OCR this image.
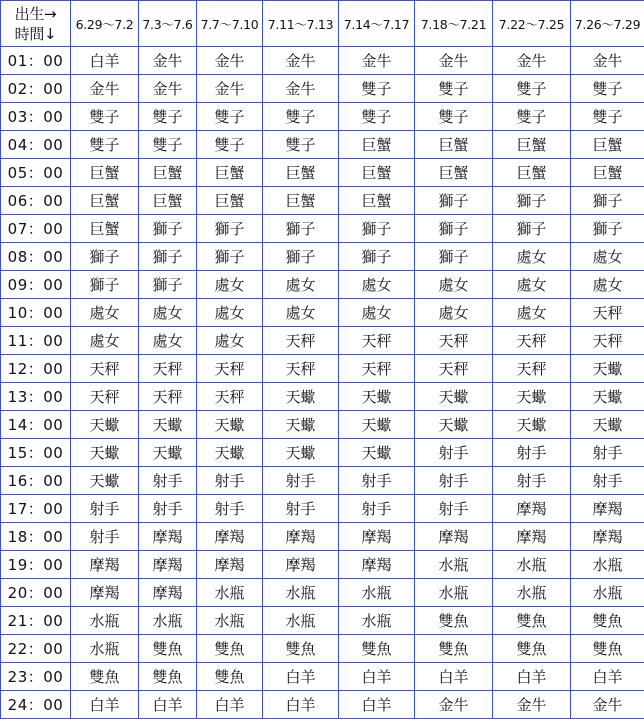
出生→
時間↓	6.29～7.2	7.3～7.6	7.7～7.10	7.11～7.13	7.14～7.17	7.18～7.21	7.22～7.25	7.26～7.29
01：00	白羊	金牛	金牛	金牛	金牛	金牛	金牛	金牛
02：00	金牛	金牛	金牛	金牛	雙子	雙子	雙子	雙子
03：00	雙子	雙子	雙子	雙子	雙子	雙子	雙子	雙子
04：00	雙子	雙子	雙子	雙子	巨蟹	巨蟹	巨蟹	巨蟹
05：00	巨蟹	巨蟹	巨蟹	巨蟹	巨蟹	巨蟹	巨蟹	巨蟹
06：00	巨蟹	巨蟹	巨蟹	巨蟹	巨蟹	獅子	獅子	獅子
07：00	巨蟹	獅子	獅子	獅子	獅子	獅子	獅子	獅子
08：00	獅子	獅子	獅子	獅子	獅子	獅子	處女	處女
09：00	獅子	獅子	處女	處女	處女	處女	處女	處女
10：00	處女	處女	處女	處女	處女	處女	處女	天秤
11：00	處女	處女	處女	天秤	天秤	天秤	天秤	天秤
12：00	天秤	天秤	天秤	天秤	天秤	天秤	天秤	天蠍
13：00	天秤	天秤	天秤	天蠍	天蠍	天蠍	天蠍	天蠍
14：00	天蠍	天蠍	天蠍	天蠍	天蠍	天蠍	天蠍	天蠍
15：00	天蠍	天蠍	天蠍	天蠍	天蠍	射手	射手	射手
16：00	天蠍	射手	射手	射手	射手	射手	射手	射手
17：00	射手	射手	射手	射手	射手	射手	摩羯	摩羯
18：00	射手	摩羯	摩羯	摩羯	摩羯	摩羯	摩羯	摩羯
19：00	摩羯	摩羯	摩羯	摩羯	摩羯	水瓶	水瓶	水瓶
20：00	摩羯	摩羯	水瓶	水瓶	水瓶	水瓶	水瓶	水瓶
21：00	水瓶	水瓶	水瓶	水瓶	水瓶	雙魚	雙魚	雙魚
22：00	水瓶	雙魚	雙魚	雙魚	雙魚	雙魚	雙魚	雙魚
23：00	雙魚	雙魚	雙魚	白羊	白羊	白羊	白羊	白羊
24：00	白羊	白羊	白羊	白羊	白羊	金牛	金牛	金牛
